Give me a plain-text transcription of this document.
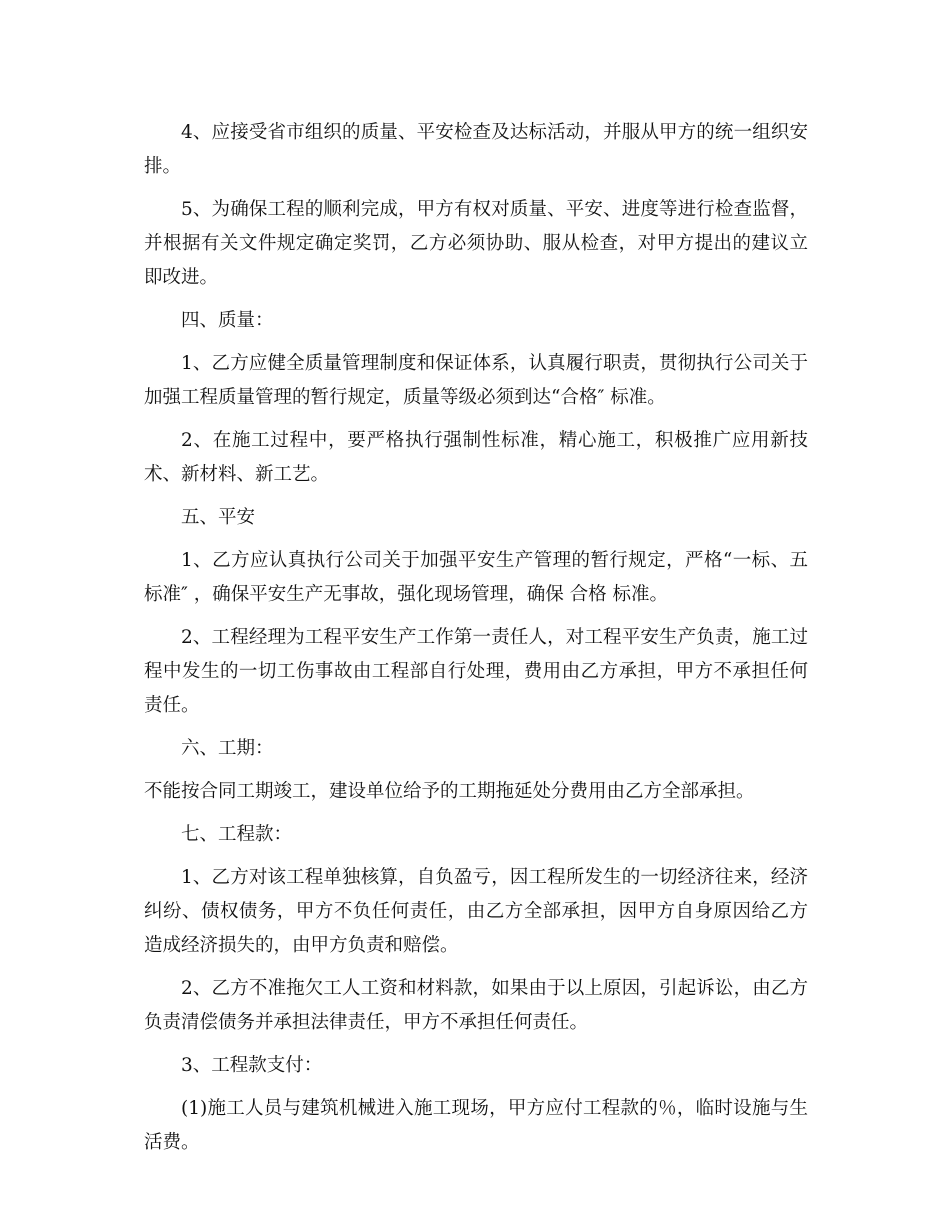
4、应接受省市组织的质量、平安检查及达标活动，并服从甲方的统一组织安排。

5、为确保工程的顺利完成，甲方有权对质量、平安、进度等进行检查监督，并根据有关文件规定确定奖罚，乙方必须协助、服从检查，对甲方提出的建议立即改进。

四、质量：

1、乙方应健全质量管理制度和保证体系，认真履行职责，贯彻执行公司关于加强工程质量管理的暂行规定，质量等级必须到达“合格″ 标准。

2、在施工过程中，要严格执行强制性标准，精心施工，积极推广应用新技术、新材料、新工艺。

五、平安

1、乙方应认真执行公司关于加强平安生产管理的暂行规定，严格“一标、五标准″ ，确保平安生产无事故，强化现场管理，确保 合格 标准。

2、工程经理为工程平安生产工作第一责任人，对工程平安生产负责，施工过程中发生的一切工伤事故由工程部自行处理，费用由乙方承担，甲方不承担任何责任。

六、工期：

不能按合同工期竣工，建设单位给予的工期拖延处分费用由乙方全部承担。

七、工程款：

1、乙方对该工程单独核算，自负盈亏，因工程所发生的一切经济往来，经济纠纷、债权债务，甲方不负任何责任，由乙方全部承担，因甲方自身原因给乙方造成经济损失的，由甲方负责和赔偿。

2、乙方不准拖欠工人工资和材料款，如果由于以上原因，引起诉讼，由乙方负责清偿债务并承担法律责任，甲方不承担任何责任。

3、工程款支付：

(1)施工人员与建筑机械进入施工现场，甲方应付工程款的％，临时设施与生活费。
